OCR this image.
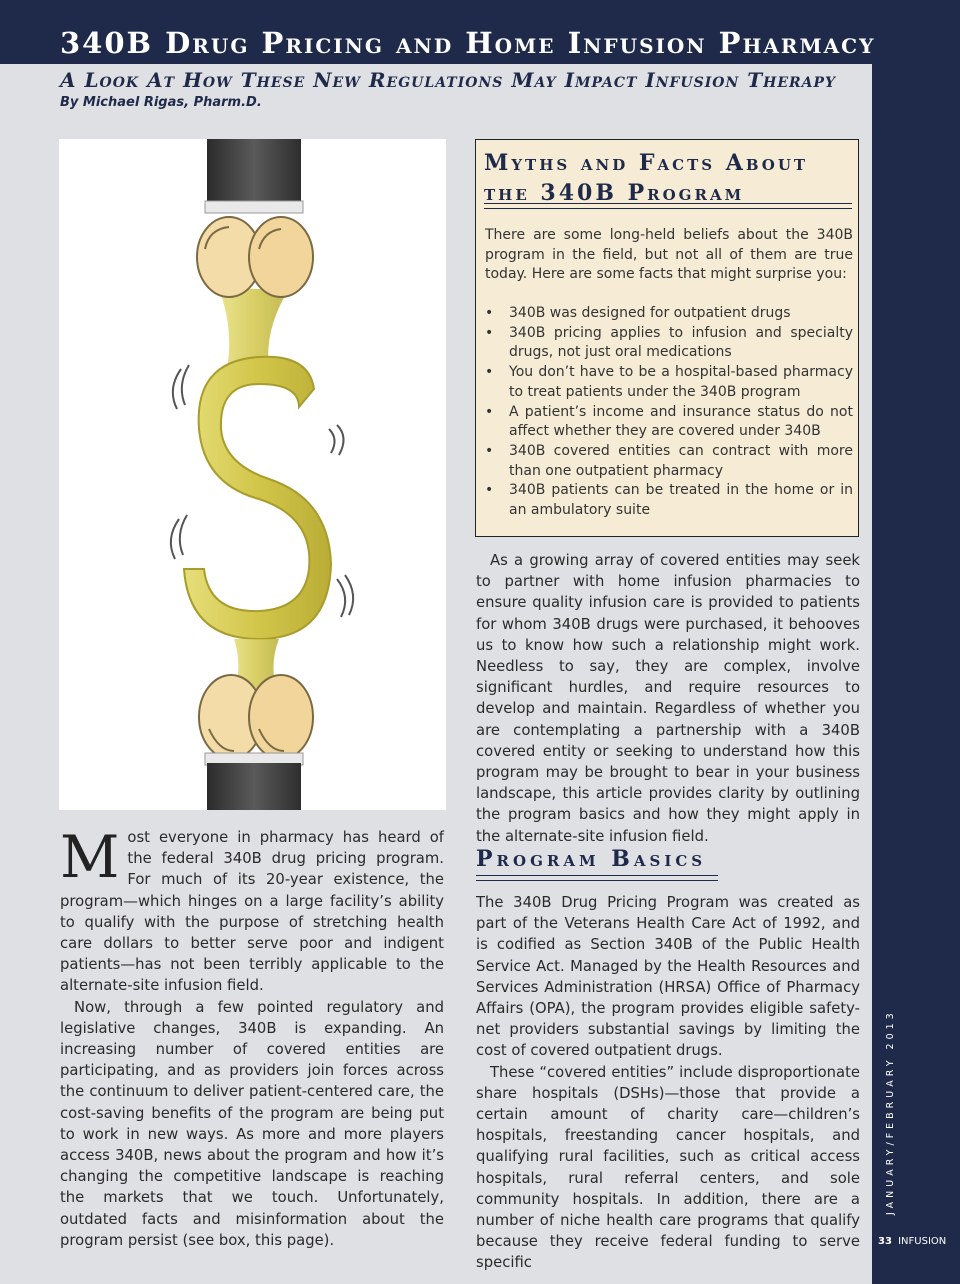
340B Drug Pricing and Home Infusion Pharmacy
A Look At How These New Regulations May Impact Infusion Therapy
By Michael Rigas, Pharm.D.
Myths and Facts About
the 340B Program
There are some long-held beliefs about the 340B program in the field, but not all of them are true today. Here are some facts that might surprise you:
• 340B was designed for outpatient drugs
• 340B pricing applies to infusion and specialty drugs, not just oral medications
• You don’t have to be a hospital-based pharmacy to treat patients under the 340B program
• A patient’s income and insurance status do not affect whether they are covered under 340B
• 340B covered entities can contract with more than one outpatient pharmacy
• 340B patients can be treated in the home or in an ambulatory suite

Most everyone in pharmacy has heard of the federal 340B drug pricing program. For much of its 20-year existence, the program—which hinges on a large facility’s ability to qualify with the purpose of stretching health care dollars to better serve poor and indigent patients—has not been terribly applicable to the alternate-site infusion field.

Now, through a few pointed regulatory and legislative changes, 340B is expanding. An increasing number of covered entities are participating, and as providers join forces across the continuum to deliver patient-centered care, the cost-saving benefits of the program are being put to work in new ways. As more and more players access 340B, news about the program and how it’s changing the competitive landscape is reaching the markets that we touch. Unfortunately, outdated facts and misinformation about the program persist (see box, this page).

As a growing array of covered entities may seek to partner with home infusion pharmacies to ensure quality infusion care is provided to patients for whom 340B drugs were purchased, it behooves us to know how such a relationship might work. Needless to say, they are complex, involve significant hurdles, and require resources to develop and maintain. Regardless of whether you are contemplating a partnership with a 340B covered entity or seeking to understand how this program may be brought to bear in your business landscape, this article provides clarity by outlining the program basics and how they might apply in the alternate-site infusion field.

Program Basics

The 340B Drug Pricing Program was created as part of the Veterans Health Care Act of 1992, and is codified as Section 340B of the Public Health Service Act. Managed by the Health Resources and Services Administration (HRSA) Office of Pharmacy Affairs (OPA), the program provides eligible safety-net providers substantial savings by limiting the cost of covered outpatient drugs.

These “covered entities” include disproportionate share hospitals (DSHs)—those that provide a certain amount of charity care—children’s hospitals, freestanding cancer hospitals, and qualifying rural facilities, such as critical access hospitals, rural referral centers, and sole community hospitals. In addition, there are a number of niche health care programs that qualify because they receive federal funding to serve specific

JANUARY/FEBRUARY 2013
33 INFUSION
